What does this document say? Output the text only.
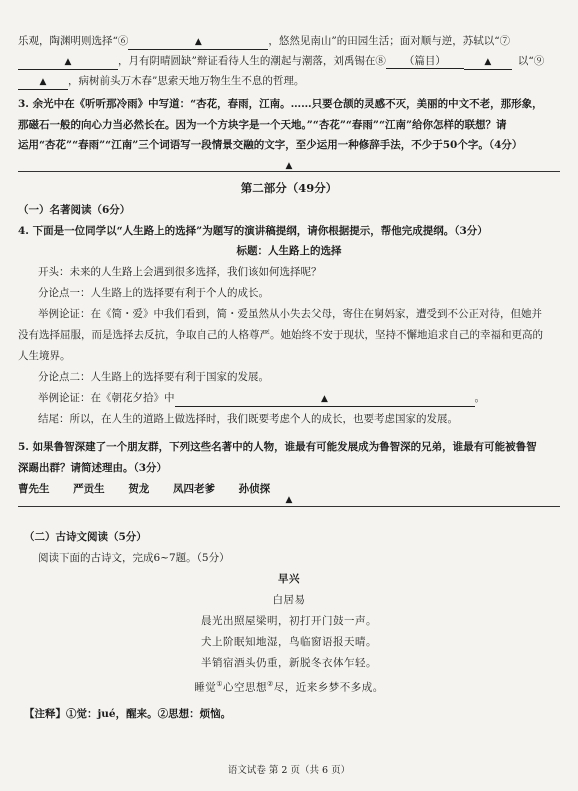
乐观，陶渊明则选择“⑥	▲	，悠然见南山”的田园生活；面对顺与逆，苏轼以“⑦
▲	，月有阴晴圆缺”辩证看待人生的潮起与潮落，刘禹锡在⑧ （篇目）	▲	以“⑨
▲ ，病树前头万木春”思索天地万物生生不息的哲理。
3. 余光中在《听听那冷雨》中写道：“杏花，春雨，江南。……只要仓颉的灵感不灭，美丽的中文不老，那形象，
那磁石一般的向心力当必然长在。因为一个方块字是一个天地。”“杏花”“春雨”“江南”给你怎样的联想？请
运用“杏花”“春雨”“江南”三个词语写一段情景交融的文字，至少运用一种修辞手法，不少于50个字。（4分）
▲
第二部分（49分）
（一）名著阅读（6分）
4. 下面是一位同学以“人生路上的选择”为题写的演讲稿提纲，请你根据提示，帮他完成提纲。（3分）
标题：人生路上的选择
开头：未来的人生路上会遇到很多选择，我们该如何选择呢？
分论点一：人生路上的选择要有利于个人的成长。
举例论证：在《简・爱》中我们看到，简・爱虽然从小失去父母，寄住在舅妈家，遭受到不公正对待，但她并
没有选择屈服，而是选择去反抗，争取自己的人格尊严。她始终不安于现状，坚持不懈地追求自己的幸福和更高的
人生境界。
分论点二：人生路上的选择要有利于国家的发展。
举例论证：在《朝花夕拾》中	▲	。
结尾：所以，在人生的道路上做选择时，我们既要考虑个人的成长，也要考虑国家的发展。
5. 如果鲁智深建了一个朋友群，下列这些名著中的人物，谁最有可能发展成为鲁智深的兄弟，谁最有可能被鲁智
深踢出群？请简述理由。（3分）
曹先生 严贡生 贺龙 凤四老爹 孙侦探
▲
（二）古诗文阅读（5分）
阅读下面的古诗文，完成6~7题。（5分）
早兴
白居易
晨光出照屋梁明，初打开门鼓一声。
犬上阶眠知地湿，鸟临窗语报天晴。
半销宿酒头仍重，新脱冬衣体乍轻。
睡觉①心空思想②尽，近来乡梦不多成。
【注释】①觉：jué，醒来。②思想：烦恼。
语文试卷 第 2 页（共 6 页）
